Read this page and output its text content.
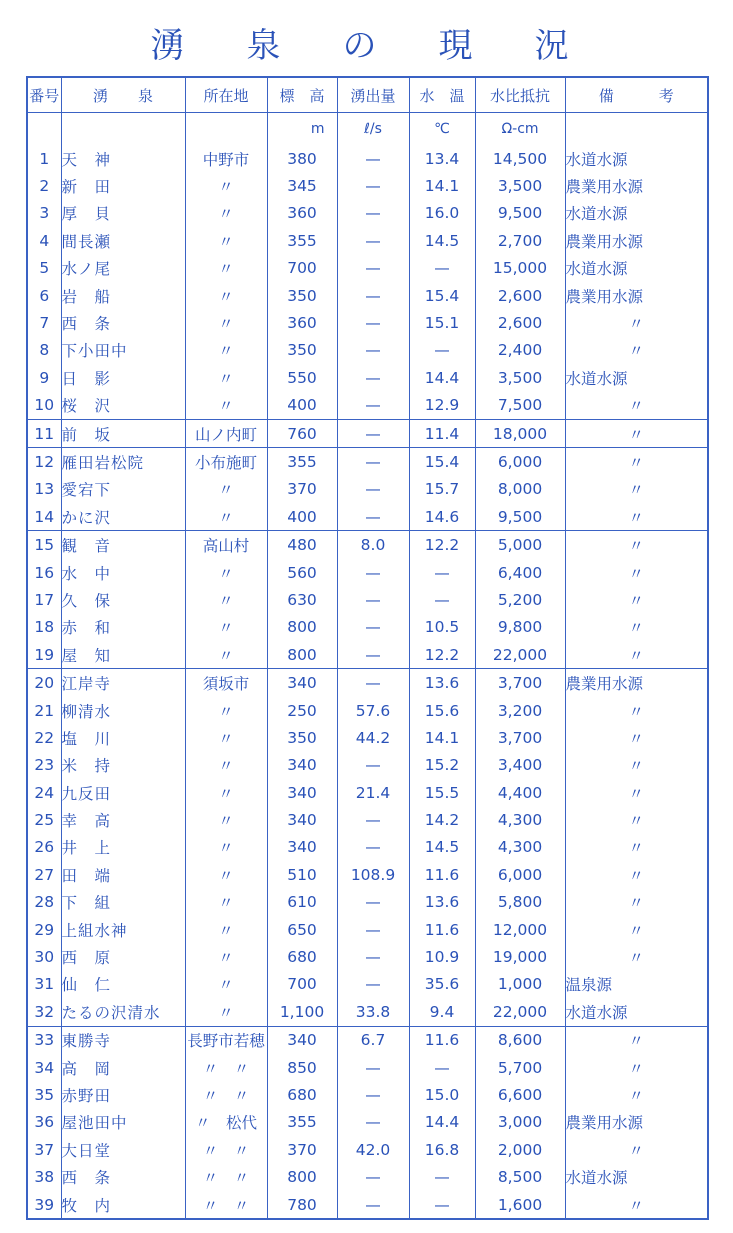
湧　泉　の　現　況
番号	湧　　泉	所在地	標　高	湧出量	水　温	水比抵抗	備　　　考
			m	ℓ/s	℃	Ω-cm	
1	天　神	中野市	380	—	13.4	14,500	水道水源
2	新　田	〃	345	—	14.1	3,500	農業用水源
3	厚　貝	〃	360	—	16.0	9,500	水道水源
4	間長瀬	〃	355	—	14.5	2,700	農業用水源
5	水ノ尾	〃	700	—	—	15,000	水道水源
6	岩　船	〃	350	—	15.4	2,600	農業用水源
7	西　条	〃	360	—	15.1	2,600	〃
8	下小田中	〃	350	—	—	2,400	〃
9	日　影	〃	550	—	14.4	3,500	水道水源
10	桜　沢	〃	400	—	12.9	7,500	〃
11	前　坂	山ノ内町	760	—	11.4	18,000	〃
12	雁田岩松院	小布施町	355	—	15.4	6,000	〃
13	愛宕下	〃	370	—	15.7	8,000	〃
14	かに沢	〃	400	—	14.6	9,500	〃
15	観　音	高山村	480	8.0	12.2	5,000	〃
16	水　中	〃	560	—	—	6,400	〃
17	久　保	〃	630	—	—	5,200	〃
18	赤　和	〃	800	—	10.5	9,800	〃
19	屋　知	〃	800	—	12.2	22,000	〃
20	江岸寺	須坂市	340	—	13.6	3,700	農業用水源
21	柳清水	〃	250	57.6	15.6	3,200	〃
22	塩　川	〃	350	44.2	14.1	3,700	〃
23	米　持	〃	340	—	15.2	3,400	〃
24	九反田	〃	340	21.4	15.5	4,400	〃
25	幸　高	〃	340	—	14.2	4,300	〃
26	井　上	〃	340	—	14.5	4,300	〃
27	田　端	〃	510	108.9	11.6	6,000	〃
28	下　組	〃	610	—	13.6	5,800	〃
29	上組水神	〃	650	—	11.6	12,000	〃
30	西　原	〃	680	—	10.9	19,000	〃
31	仙　仁	〃	700	—	35.6	1,000	温泉源
32	たるの沢清水	〃	1,100	33.8	9.4	22,000	水道水源
33	東勝寺	長野市若穂	340	6.7	11.6	8,600	〃
34	高　岡	〃　〃	850	—	—	5,700	〃
35	赤野田	〃　〃	680	—	15.0	6,600	〃
36	屋池田中	〃　松代	355	—	14.4	3,000	農業用水源
37	大日堂	〃　〃	370	42.0	16.8	2,000	〃
38	西　条	〃　〃	800	—	—	8,500	水道水源
39	牧　内	〃　〃	780	—	—	1,600	〃
